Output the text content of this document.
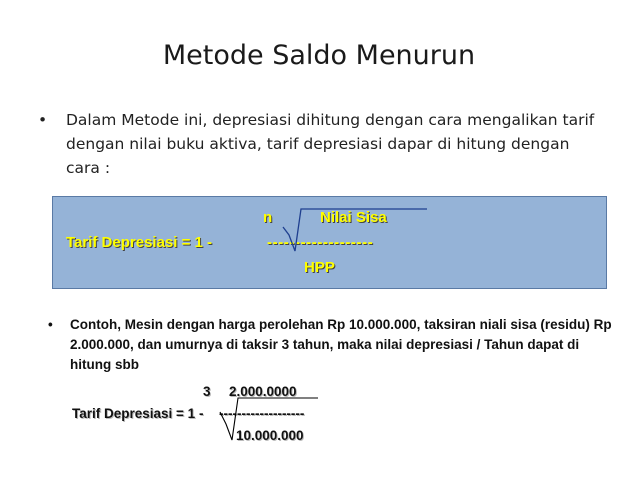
Metode Saldo Menurun
•	Dalam Metode ini, depresiasi dihitung dengan cara mengalikan tarif dengan nilai buku aktiva, tarif depresiasi dapar di hitung dengan cara :
n	Nilai Sisa
Tarif Depresiasi = 1 -	-------------------
HPP
•	Contoh, Mesin dengan harga perolehan Rp 10.000.000, taksiran niali sisa (residu) Rp 2.000.000, dan umurnya di taksir 3 tahun, maka nilai depresiasi / Tahun dapat di hitung sbb
3 2.000.0000
Tarif Depresiasi = 1 - -------------------
10.000.000
